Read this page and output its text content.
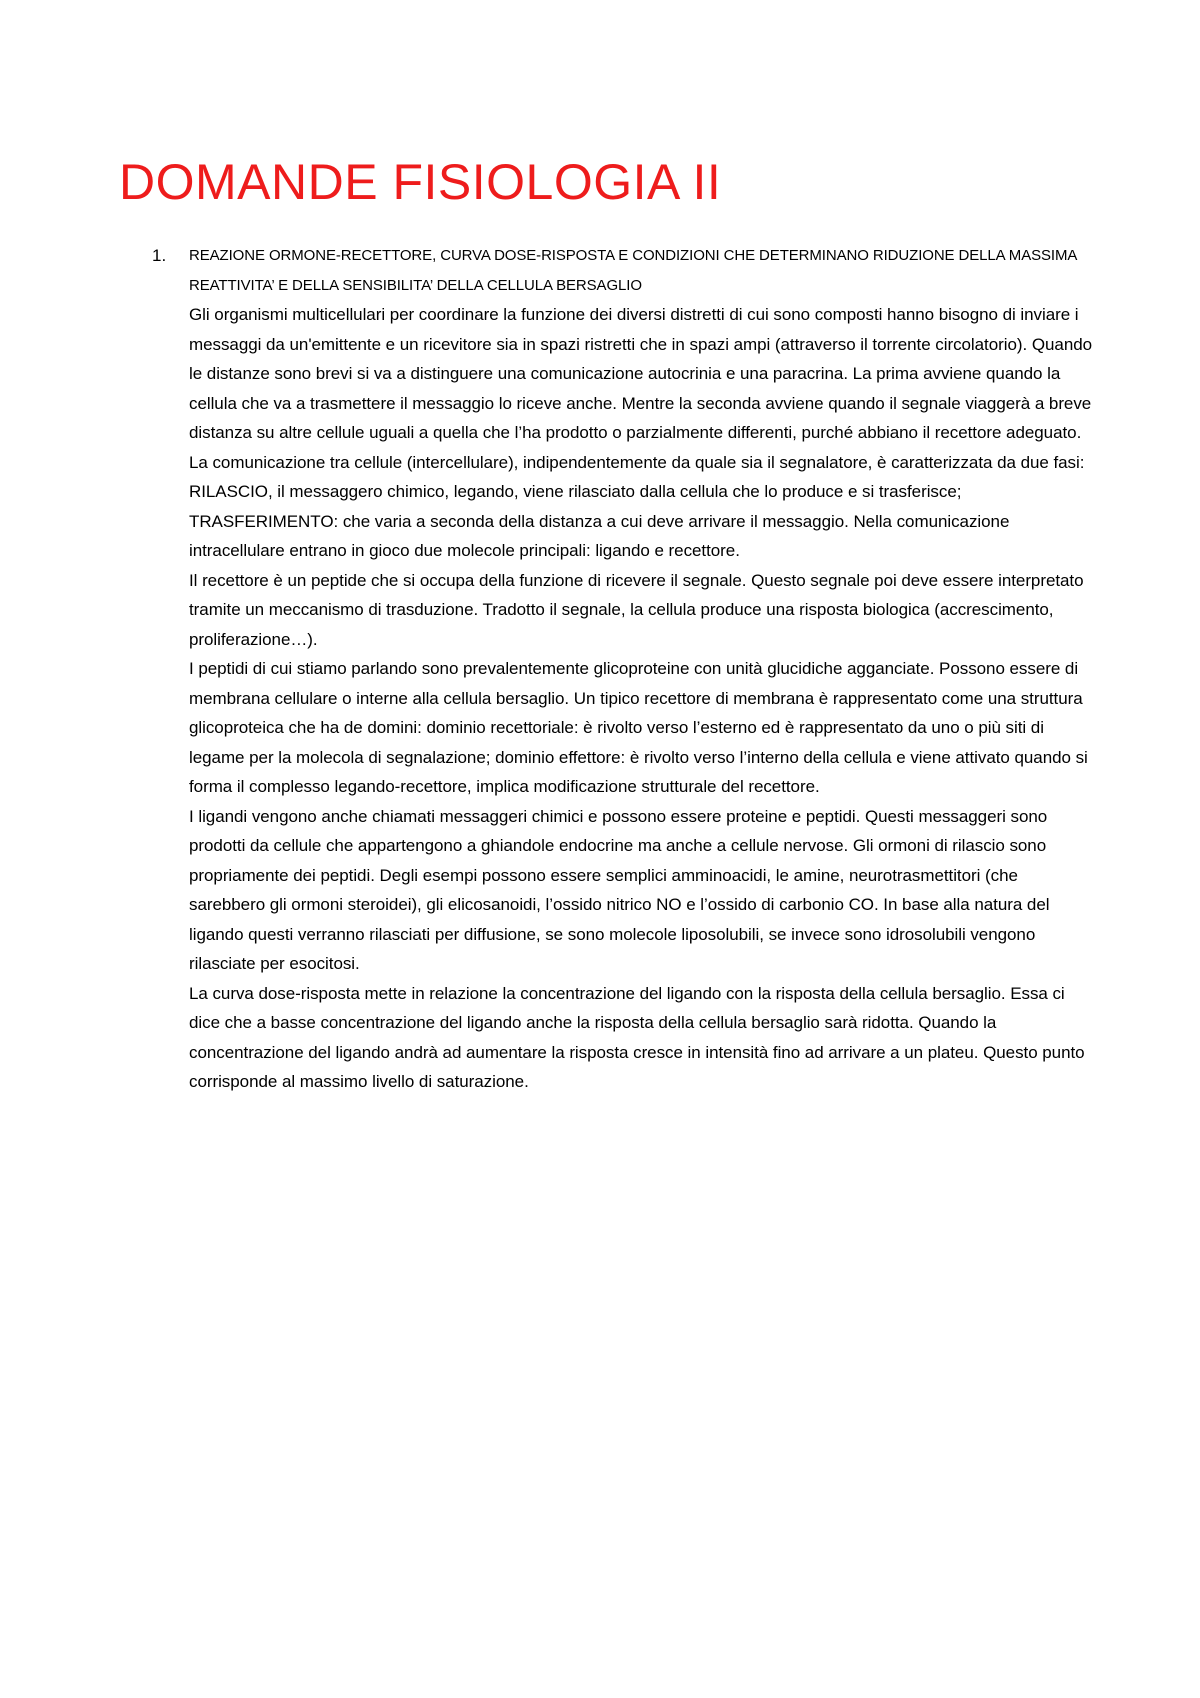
DOMANDE FISIOLOGIA II
1. REAZIONE ORMONE-RECETTORE, CURVA DOSE-RISPOSTA E CONDIZIONI CHE DETERMINANO RIDUZIONE DELLA MASSIMA REATTIVITA’ E DELLA SENSIBILITA’ DELLA CELLULA BERSAGLIO

Gli organismi multicellulari per coordinare la funzione dei diversi distretti di cui sono composti hanno bisogno di inviare i messaggi da un'emittente e un ricevitore sia in spazi ristretti che in spazi ampi (attraverso il torrente circolatorio). Quando le distanze sono brevi si va a distinguere una comunicazione autocrinia e una paracrina. La prima avviene quando la cellula che va a trasmettere il messaggio lo riceve anche. Mentre la seconda avviene quando il segnale viaggerà a breve distanza su altre cellule uguali a quella che l’ha prodotto o parzialmente differenti, purché abbiano il recettore adeguato. La comunicazione tra cellule (intercellulare), indipendentemente da quale sia il segnalatore, è caratterizzata da due fasi: RILASCIO, il messaggero chimico, legando, viene rilasciato dalla cellula che lo produce e si trasferisce; TRASFERIMENTO: che varia a seconda della distanza a cui deve arrivare il messaggio. Nella comunicazione intracellulare entrano in gioco due molecole principali: ligando e recettore.

Il recettore è un peptide che si occupa della funzione di ricevere il segnale. Questo segnale poi deve essere interpretato tramite un meccanismo di trasduzione. Tradotto il segnale, la cellula produce una risposta biologica (accrescimento, proliferazione…).

I peptidi di cui stiamo parlando sono prevalentemente glicoproteine con unità glucidiche agganciate. Possono essere di membrana cellulare o interne alla cellula bersaglio. Un tipico recettore di membrana è rappresentato come una struttura glicoproteica che ha de domini: dominio recettoriale: è rivolto verso l’esterno ed è rappresentato da uno o più siti di legame per la molecola di segnalazione; dominio effettore: è rivolto verso l’interno della cellula e viene attivato quando si forma il complesso legando-recettore, implica modificazione strutturale del recettore.

I ligandi vengono anche chiamati messaggeri chimici e possono essere proteine e peptidi. Questi messaggeri sono prodotti da cellule che appartengono a ghiandole endocrine ma anche a cellule nervose. Gli ormoni di rilascio sono propriamente dei peptidi. Degli esempi possono essere semplici amminoacidi, le amine, neurotrasmettitori (che sarebbero gli ormoni steroidei), gli elicosanoidi, l’ossido nitrico NO e l’ossido di carbonio CO. In base alla natura del ligando questi verranno rilasciati per diffusione, se sono molecole liposolubili, se invece sono idrosolubili vengono rilasciate per esocitosi.

La curva dose-risposta mette in relazione la concentrazione del ligando con la risposta della cellula bersaglio. Essa ci dice che a basse concentrazione del ligando anche la risposta della cellula bersaglio sarà ridotta. Quando la concentrazione del ligando andrà ad aumentare la risposta cresce in intensità fino ad arrivare a un plateu. Questo punto corrisponde al massimo livello di saturazione.
